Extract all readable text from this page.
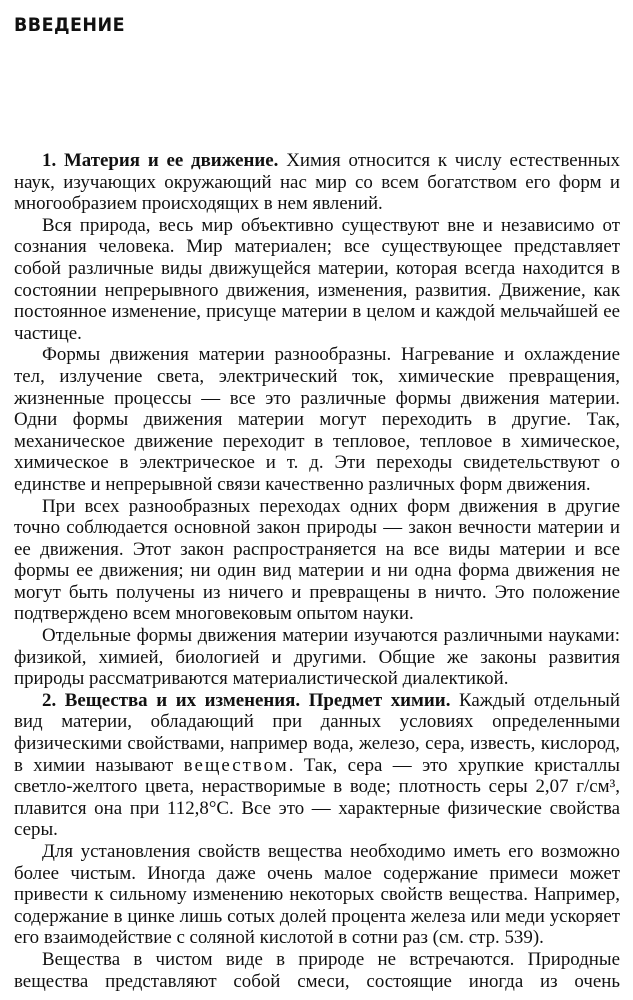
ВВЕДЕНИЕ

1. Материя и ее движение. Химия относится к числу естественных наук, изучающих окружающий нас мир со всем богатством его форм и многообразием происходящих в нем явлений.

Вся природа, весь мир объективно существуют вне и независимо от сознания человека. Мир материален; все существующее представляет собой различные виды движущейся материи, которая всегда находится в состоянии непрерывного движения, изменения, развития. Движение, как постоянное изменение, присуще материи в целом и каждой мельчайшей ее частице.

Формы движения материи разнообразны. Нагревание и охлаждение тел, излучение света, электрический ток, химические превращения, жизненные процессы — все это различные формы движения материи. Одни формы движения материи могут переходить в другие. Так, механическое движение переходит в тепловое, тепловое в химическое, химическое в электрическое и т. д. Эти переходы свидетельствуют о единстве и непрерывной связи качественно различных форм движения.

При всех разнообразных переходах одних форм движения в другие точно соблюдается основной закон природы — закон вечности материи и ее движения. Этот закон распространяется на все виды материи и все формы ее движения; ни один вид материи и ни одна форма движения не могут быть получены из ничего и превращены в ничто. Это положение подтверждено всем многовековым опытом науки.

Отдельные формы движения материи изучаются различными науками: физикой, химией, биологией и другими. Общие же законы развития природы рассматриваются материалистической диалектикой.

2. Вещества и их изменения. Предмет химии. Каждый отдельный вид материи, обладающий при данных условиях определенными физическими свойствами, например вода, железо, сера, известь, кислород, в химии называют веществом. Так, сера — это хрупкие кристаллы светло-желтого цвета, нерастворимые в воде; плотность серы 2,07 г/см³, плавится она при 112,8°С. Все это — характерные физические свойства серы.

Для установления свойств вещества необходимо иметь его возможно более чистым. Иногда даже очень малое содержание примеси может привести к сильному изменению некоторых свойств вещества. Например, содержание в цинке лишь сотых долей процента железа или меди ускоряет его взаимодействие с соляной кислотой в сотни раз (см. стр. 539).

Вещества в чистом виде в природе не встречаются. Природные вещества представляют собой смеси, состоящие иногда из очень
